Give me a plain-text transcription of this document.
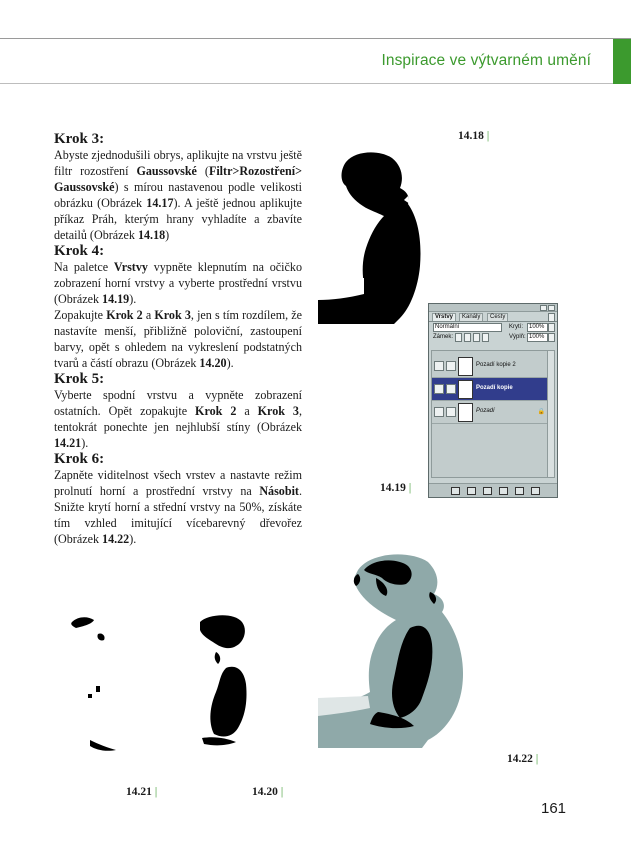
Inspirace ve výtvarném umění

Krok 3:

Abyste zjednodušili obrys, aplikujte na vrstvu ještě filtr rozostření Gaussovské (Filtr>Rozostření> Gaussovské) s mírou nastavenou podle velikosti obrázku (Obrázek 14.17). A ještě jednou aplikujte příkaz Práh, kterým hrany vyhladíte a zbavíte detailů (Obrázek 14.18)

Krok 4:

Na paletce Vrstvy vypněte klepnutím na očičko zobrazení horní vrstvy a vyberte prostřední vrstvu (Obrázek 14.19).

Zopakujte Krok 2 a Krok 3, jen s tím rozdílem, že nastavíte menší, přibližně poloviční, zastoupení barvy, opět s ohledem na vykreslení podstatných tvarů a částí obrazu (Obrázek 14.20).

Krok 5:

Vyberte spodní vrstvu a vypněte zobrazení ostatních. Opět zopakujte Krok 2 a Krok 3, tentokrát ponechte jen nejhlubší stíny (Obrázek 14.21).

Krok 6:

Zapněte viditelnost všech vrstev a nastavte režim prolnutí horní a prostřední vrstvy na Násobit. Snižte krytí horní a střední vrstvy na 50%, získáte tím vzhled imitující vícebarevný dřevořez (Obrázek 14.22).

14.18 |
14.19 |
Vrstvy	Kanály	Cesty
Normální	Krytí: 100%
Zámek:	Výplň: 100%
Pozadí kopie 2
Pozadí kopie
Pozadí	🔒
14.22 |
14.21 |	14.20 |
161
